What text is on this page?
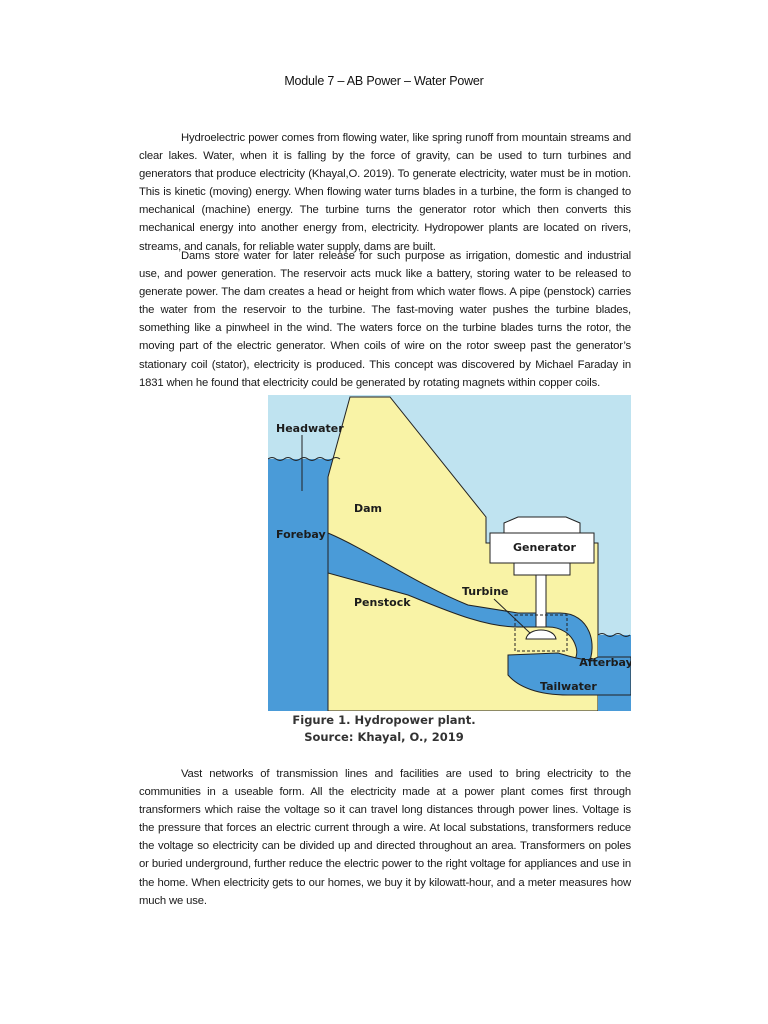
Module 7 – AB Power – Water Power

Hydroelectric power comes from flowing water, like spring runoff from mountain streams and clear lakes. Water, when it is falling by the force of gravity, can be used to turn turbines and generators that produce electricity (Khayal,O. 2019). To generate electricity, water must be in motion. This is kinetic (moving) energy. When flowing water turns blades in a turbine, the form is changed to mechanical (machine) energy. The turbine turns the generator rotor which then converts this mechanical energy into another energy from, electricity. Hydropower plants are located on rivers, streams, and canals, for reliable water supply, dams are built.

Dams store water for later release for such purpose as irrigation, domestic and industrial use, and power generation. The reservoir acts muck like a battery, storing water to be released to generate power. The dam creates a head or height from which water flows. A pipe (penstock) carries the water from the reservoir to the turbine. The fast-moving water pushes the turbine blades, something like a pinwheel in the wind. The waters force on the turbine blades turns the rotor, the moving part of the electric generator. When coils of wire on the rotor sweep past the generator’s stationary coil (stator), electricity is produced. This concept was discovered by Michael Faraday in 1831 when he found that electricity could be generated by rotating magnets within copper coils.

Headwater
Dam
Forebay
Generator
Turbine
Penstock
Afterbay
Tailwater
Figure 1. Hydropower plant.
Source: Khayal, O., 2019

Vast networks of transmission lines and facilities are used to bring electricity to the communities in a useable form. All the electricity made at a power plant comes first through transformers which raise the voltage so it can travel long distances through power lines. Voltage is the pressure that forces an electric current through a wire. At local substations, transformers reduce the voltage so electricity can be divided up and directed throughout an area. Transformers on poles or buried underground, further reduce the electric power to the right voltage for appliances and use in the home. When electricity gets to our homes, we buy it by kilowatt-hour, and a meter measures how much we use.
